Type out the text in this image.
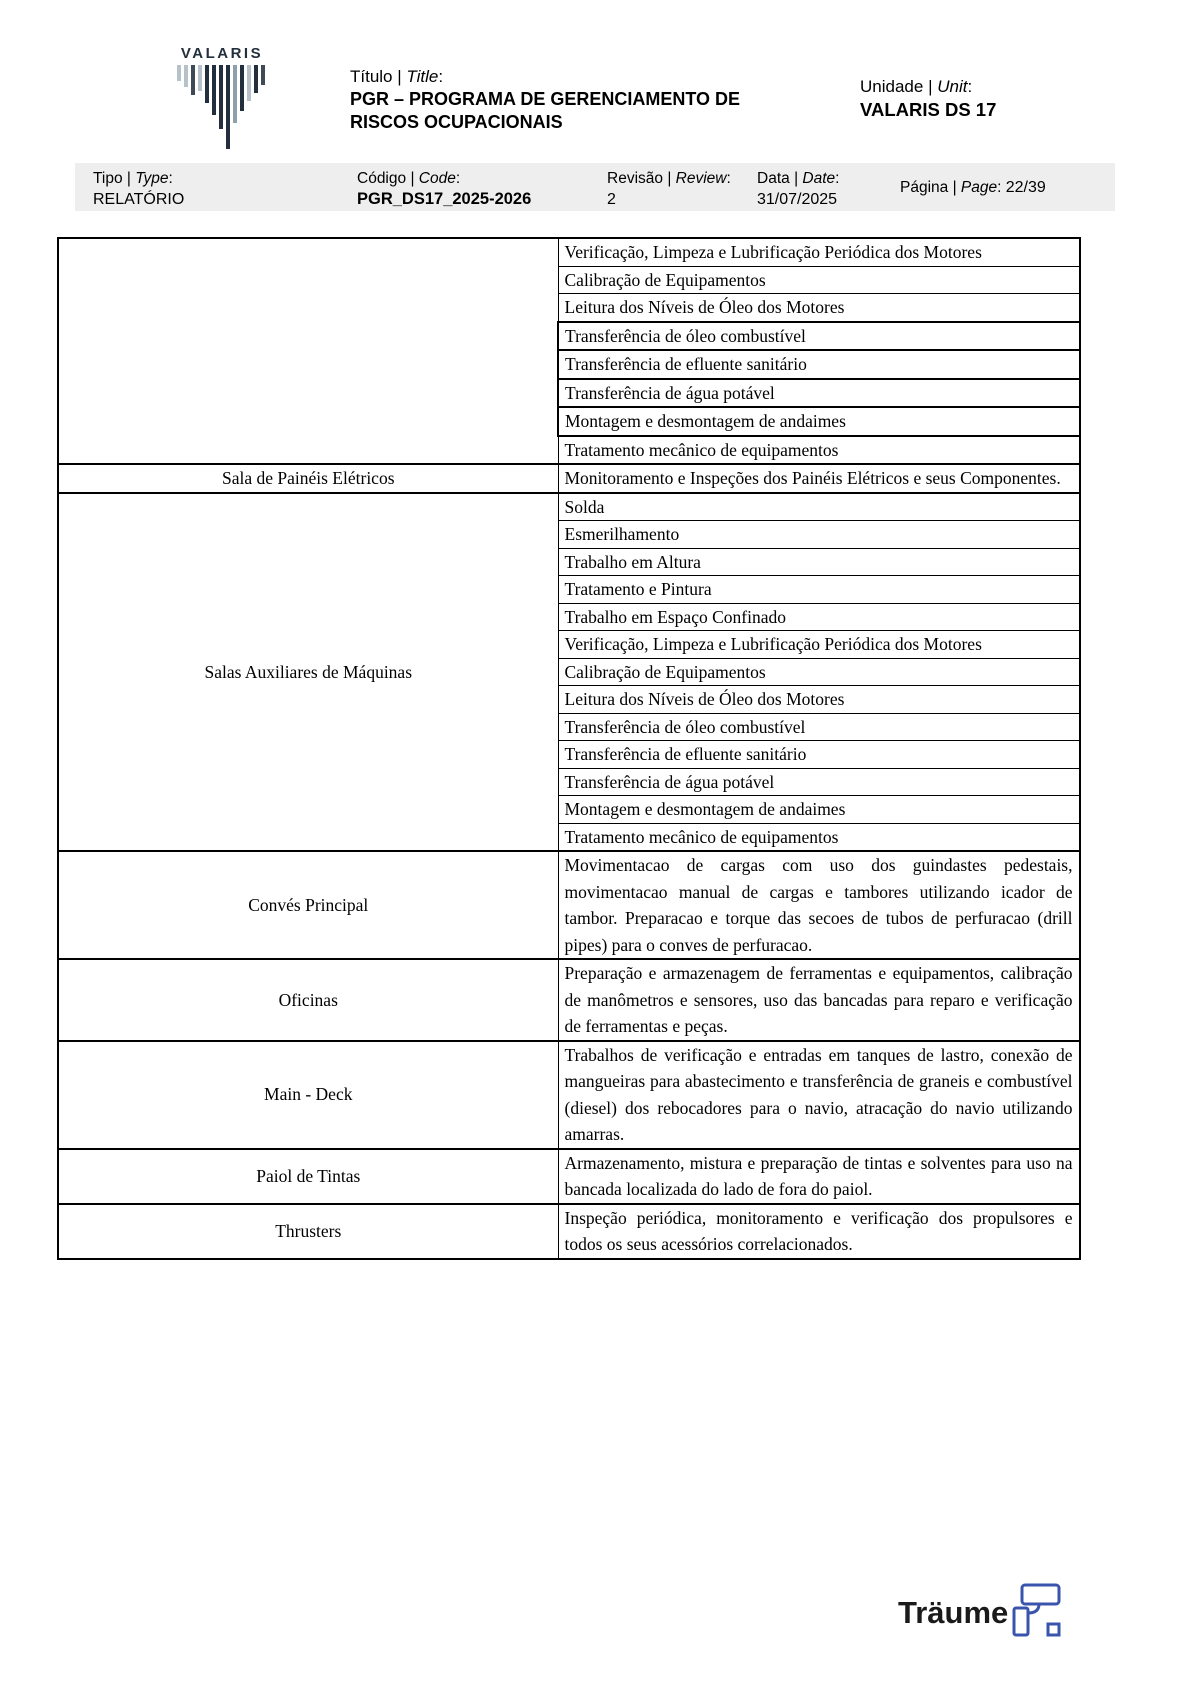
VALARIS
Título | Title:
PGR – PROGRAMA DE GERENCIAMENTO DE RISCOS OCUPACIONAIS
Unidade | Unit:
VALARIS DS 17
Tipo | Type:
RELATÓRIO
Código | Code:
PGR_DS17_2025-2026
Revisão | Review:
2
Data | Date:
31/07/2025
Página | Page: 22/39
	Verificação, Limpeza e Lubrificação Periódica dos Motores
	Calibração de Equipamentos
	Leitura dos Níveis de Óleo dos Motores
	Transferência de óleo combustível
	Transferência de efluente sanitário
	Transferência de água potável
	Montagem e desmontagem de andaimes
	Tratamento mecânico de equipamentos
Sala de Painéis Elétricos	Monitoramento e Inspeções dos Painéis Elétricos e seus Componentes.
Salas Auxiliares de Máquinas	Solda
	Esmerilhamento
	Trabalho em Altura
	Tratamento e Pintura
	Trabalho em Espaço Confinado
	Verificação, Limpeza e Lubrificação Periódica dos Motores
	Calibração de Equipamentos
	Leitura dos Níveis de Óleo dos Motores
	Transferência de óleo combustível
	Transferência de efluente sanitário
	Transferência de água potável
	Montagem e desmontagem de andaimes
	Tratamento mecânico de equipamentos
Convés Principal	Movimentacao de cargas com uso dos guindastes pedestais, movimentacao manual de cargas e tambores utilizando icador de tambor. Preparacao e torque das secoes de tubos de perfuracao (drill pipes) para o conves de perfuracao.
Oficinas	Preparação e armazenagem de ferramentas e equipamentos, calibração de manômetros e sensores, uso das bancadas para reparo e verificação de ferramentas e peças.
Main - Deck	Trabalhos de verificação e entradas em tanques de lastro, conexão de mangueiras para abastecimento e transferência de graneis e combustível (diesel) dos rebocadores para o navio, atracação do navio utilizando amarras.
Paiol de Tintas	Armazenamento, mistura e preparação de tintas e solventes para uso na bancada localizada do lado de fora do paiol.
Thrusters	Inspeção periódica, monitoramento e verificação dos propulsores e todos os seus acessórios correlacionados.
Träume
